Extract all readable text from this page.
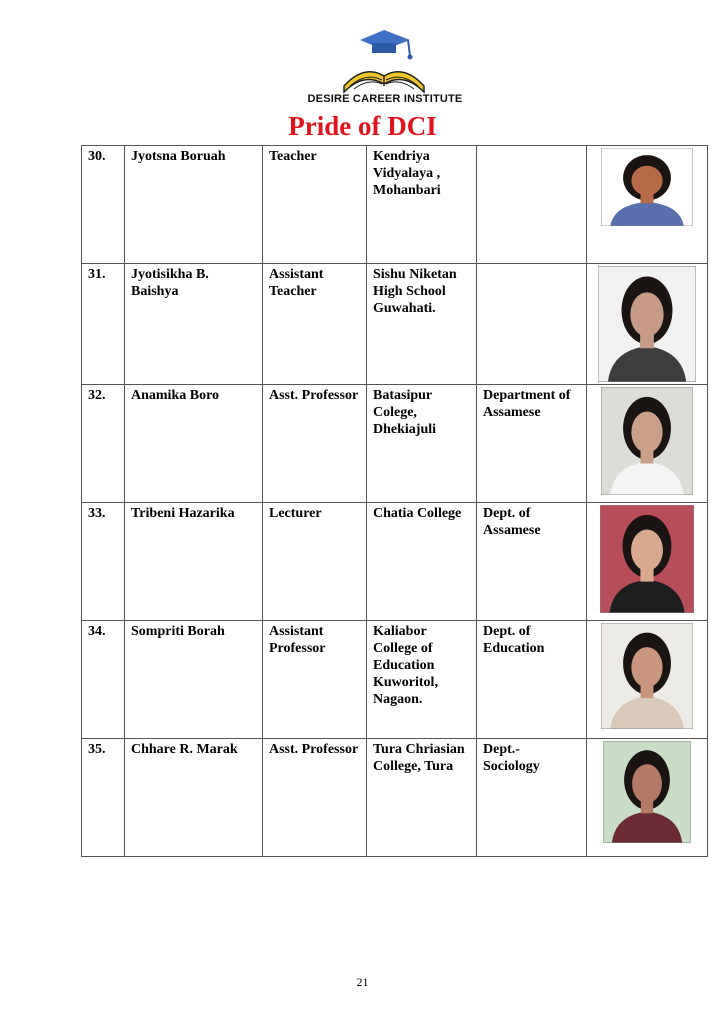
DESIRE CAREER INSTITUTE
Pride of DCI
30.	Jyotsna Boruah	Teacher	Kendriya Vidyalaya , Mohanbari		

31.	Jyotisikha B. Baishya	Assistant Teacher	Sishu Niketan High School Guwahati.		

32.	Anamika Boro	Asst. Professor	Batasipur Colege, Dhekiajuli	Department of Assamese	

33.	Tribeni Hazarika	Lecturer	Chatia College	Dept. of Assamese	

34.	Sompriti Borah	Assistant Professor	Kaliabor College of Education Kuworitol, Nagaon.	Dept. of Education	

35.	Chhare R. Marak	Asst. Professor	Tura Chriasian College, Tura	Dept.- Sociology	
21
